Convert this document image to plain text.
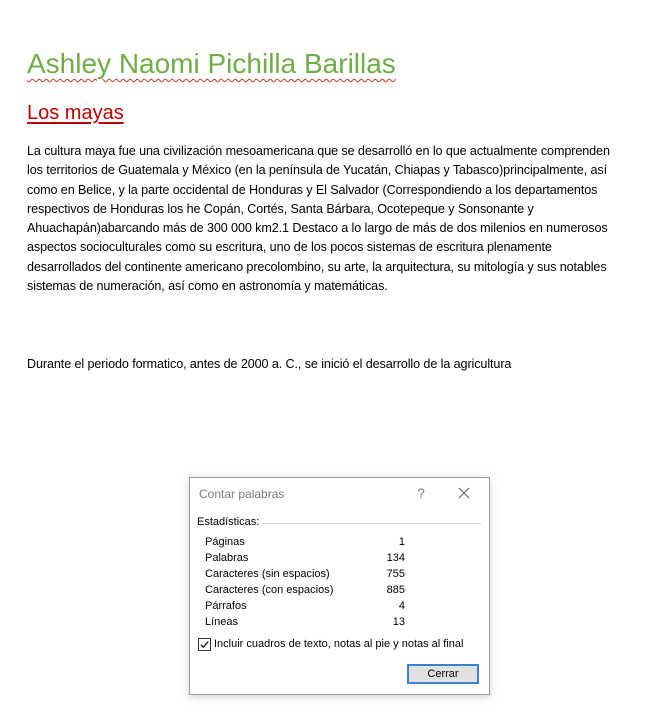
Ashley Naomi Pichilla Barillas
Los mayas
La cultura maya fue una civilización mesoamericana que se desarrolló en lo que actualmente comprenden los territorios de Guatemala y México (en la península de Yucatán, Chiapas y Tabasco)principalmente, así como en Belice, y la parte occidental de Honduras y El Salvador (Correspondiendo a los departamentos respectivos de Honduras los he Copán, Cortés, Santa Bárbara, Ocotepeque y Sonsonante y Ahuachapán)abarcando más de 300 000 km2.1 Destaco a lo largo de más de dos milenios en numerosos aspectos socioculturales como su escritura, uno de los pocos sistemas de escritura plenamente desarrollados del continente americano precolombino, su arte, la arquitectura, su mitología y sus notables sistemas de numeración, así como en astronomía y matemáticas.
Durante el periodo formatico, antes de 2000 a. C., se inició el desarrollo de la agricultura
Contar palabras	?
Estadísticas:
Páginas	1
Palabras	134
Caracteres (sin espacios)	755
Caracteres (con espacios)	885
Párrafos	4
Líneas	13
Incluir cuadros de texto, notas al pie y notas al final
Cerrar
